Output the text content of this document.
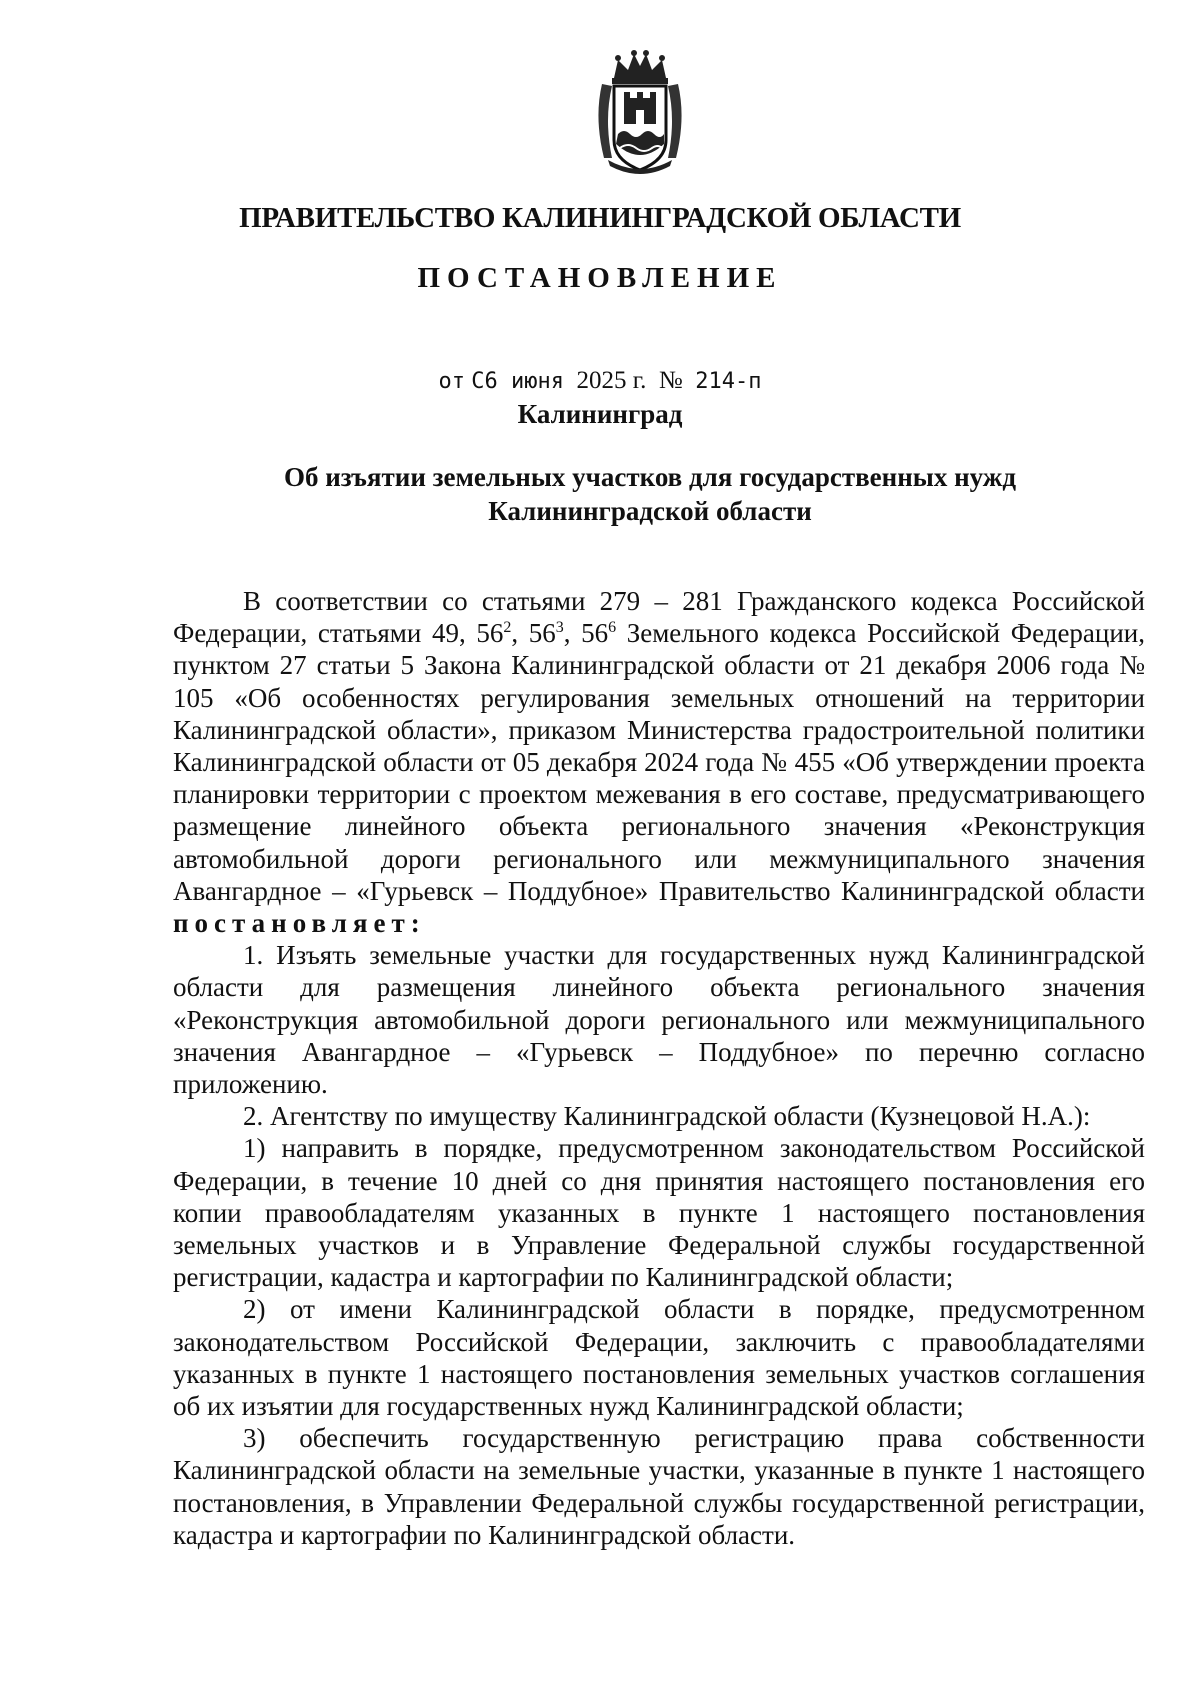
ПРАВИТЕЛЬСТВО КАЛИНИНГРАДСКОЙ ОБЛАСТИ
ПОСТАНОВЛЕНИЕ
от С6 июня 2025 г. № 214-п
Калининград
Об изъятии земельных участков для государственных нужд
Калининградской области

В соответствии со статьями 279 – 281 Гражданского кодекса Российской Федерации, статьями 49, $56^2$, $56^3$, $56^6$ Земельного кодекса Российской Федерации, пунктом 27 статьи 5 Закона Калининградской области от 21 декабря 2006 года № 105 «Об особенностях регулирования земельных отношений на территории Калининградской области», приказом Министерства градостроительной политики Калининградской области от 05 декабря 2024 года № 455 «Об утверждении проекта планировки территории с проектом межевания в его составе, предусматривающего размещение линейного объекта регионального значения «Реконструкция автомобильной дороги регионального или межмуниципального значения Авангардное – «Гурьевск – Поддубное» Правительство Калининградской области постановляет:

1. Изъять земельные участки для государственных нужд Калининградской области для размещения линейного объекта регионального значения «Реконструкция автомобильной дороги регионального или межмуниципального значения Авангардное – «Гурьевск – Поддубное» по перечню согласно приложению.

2. Агентству по имуществу Калининградской области (Кузнецовой Н.А.):

1) направить в порядке, предусмотренном законодательством Российской Федерации, в течение 10 дней со дня принятия настоящего постановления его копии правообладателям указанных в пункте 1 настоящего постановления земельных участков и в Управление Федеральной службы государственной регистрации, кадастра и картографии по Калининградской области;

2) от имени Калининградской области в порядке, предусмотренном законодательством Российской Федерации, заключить с правообладателями указанных в пункте 1 настоящего постановления земельных участков соглашения об их изъятии для государственных нужд Калининградской области;

3) обеспечить государственную регистрацию права собственности Калининградской области на земельные участки, указанные в пункте 1 настоящего постановления, в Управлении Федеральной службы государственной регистрации, кадастра и картографии по Калининградской области.
